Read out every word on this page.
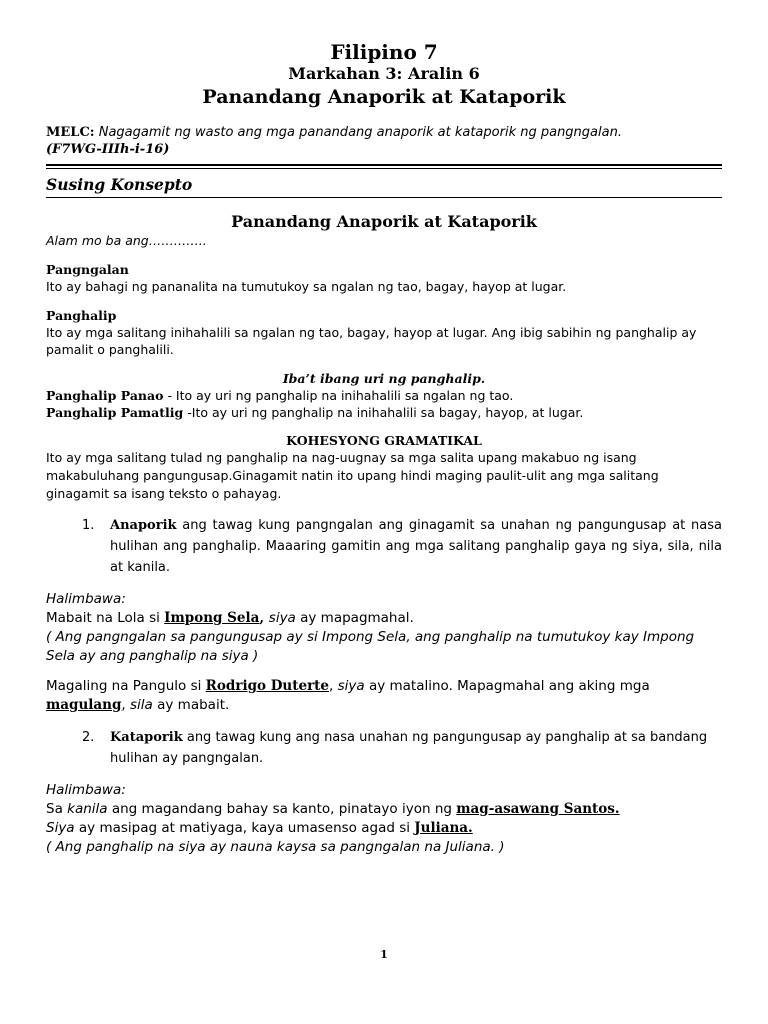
Filipino 7
Markahan 3: Aralin 6
Panandang Anaporik at Kataporik
MELC: Nagagamit ng wasto ang mga panandang anaporik at kataporik ng pangngalan.
(F7WG-IIIh-i-16)
Susing Konsepto
Panandang Anaporik at Kataporik
Alam mo ba ang…………..
Pangngalan
Ito ay bahagi ng pananalita na tumutukoy sa ngalan ng tao, bagay, hayop at lugar.
Panghalip
Ito ay mga salitang inihahalili sa ngalan ng tao, bagay, hayop at lugar. Ang ibig sabihin ng panghalip ay pamalit o panghalili.
Iba’t ibang uri ng panghalip.
Panghalip Panao - Ito ay uri ng panghalip na inihahalili sa ngalan ng tao.
Panghalip Pamatlig -Ito ay uri ng panghalip na inihahalili sa bagay, hayop, at lugar.
KOHESYONG GRAMATIKAL
Ito ay mga salitang tulad ng panghalip na nag-uugnay sa mga salita upang makabuo ng isang makabuluhang pangungusap.Ginagamit natin ito upang hindi maging paulit-ulit ang mga salitang ginagamit sa isang teksto o pahayag.
1. Anaporik ang tawag kung pangngalan ang ginagamit sa unahan ng pangungusap at nasa hulihan ang panghalip. Maaaring gamitin ang mga salitang panghalip gaya ng siya, sila, nila at kanila.
Halimbawa:
Mabait na Lola si Impong Sela, siya ay mapagmahal.
( Ang pangngalan sa pangungusap ay si Impong Sela, ang panghalip na tumutukoy kay Impong Sela ay ang panghalip na siya )
Magaling na Pangulo si Rodrigo Duterte, siya ay matalino. Mapagmahal ang aking mga magulang, sila ay mabait.
2. Kataporik ang tawag kung ang nasa unahan ng pangungusap ay panghalip at sa bandang hulihan ay pangngalan.
Halimbawa:
Sa kanila ang magandang bahay sa kanto, pinatayo iyon ng mag-asawang Santos.
Siya ay masipag at matiyaga, kaya umasenso agad si Juliana.
( Ang panghalip na siya ay nauna kaysa sa pangngalan na Juliana. )
1
